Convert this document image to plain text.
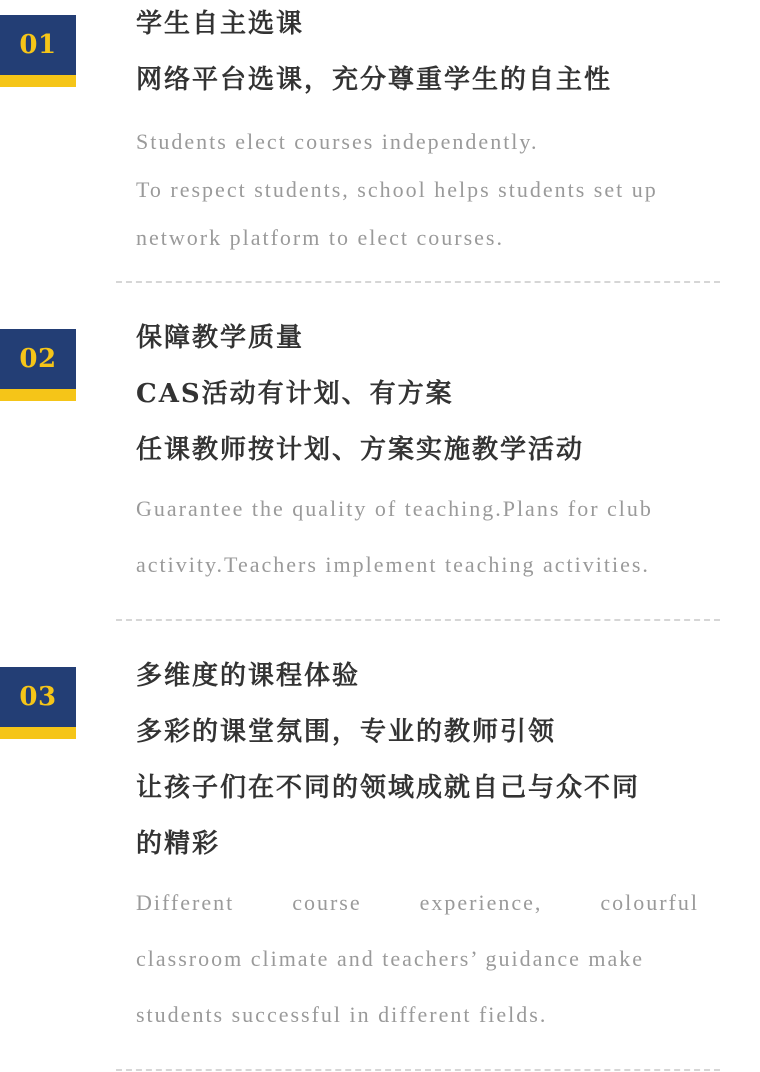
01
学生自主选课
网络平台选课，充分尊重学生的自主性
Students elect courses independently.
To respect students, school helps students set up
network platform to elect courses.
02
保障教学质量
CAS活动有计划、有方案
任课教师按计划、方案实施教学活动
Guarantee the quality of teaching.Plans for club
activity.Teachers implement teaching activities.
03
多维度的课程体验
多彩的课堂氛围，专业的教师引领
让孩子们在不同的领域成就自己与众不同
的精彩
Different course experience, colourful
classroom climate and teachers’ guidance make
students successful in different fields.
